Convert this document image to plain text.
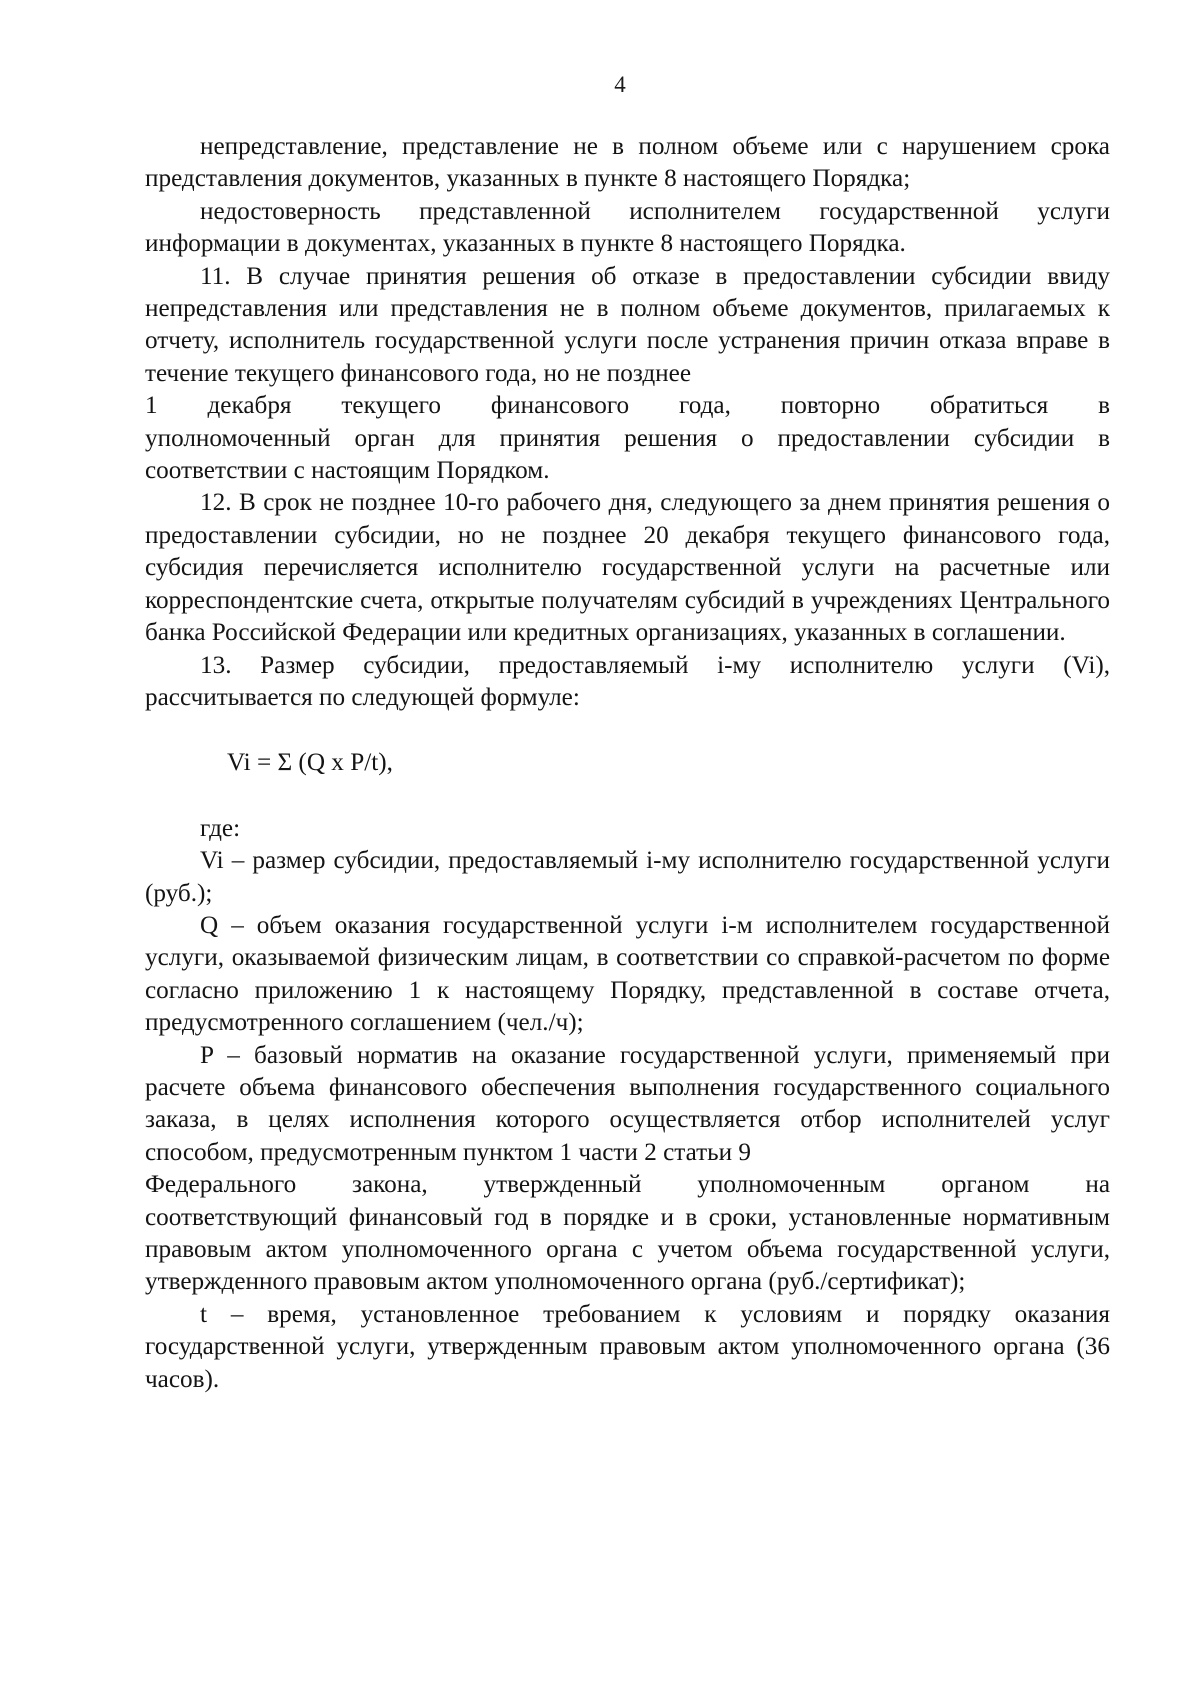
4

непредставление, представление не в полном объеме или с нарушением срока представления документов, указанных в пункте 8 настоящего Порядка;

недостоверность представленной исполнителем государственной услуги информации в документах, указанных в пункте 8 настоящего Порядка.

11. В случае принятия решения об отказе в предоставлении субсидии ввиду непредставления или представления не в полном объеме документов, прилагаемых к отчету, исполнитель государственной услуги после устранения причин отказа вправе в течение текущего финансового года, но не позднее

1 декабря текущего финансового года, повторно обратиться в

уполномоченный орган для принятия решения о предоставлении субсидии в соответствии с настоящим Порядком.

12. В срок не позднее 10-го рабочего дня, следующего за днем принятия решения о предоставлении субсидии, но не позднее 20 декабря текущего финансового года, субсидия перечисляется исполнителю государственной услуги на расчетные или корреспондентские счета, открытые получателям субсидий в учреждениях Центрального банка Российской Федерации или кредитных организациях, указанных в соглашении.

13. Размер субсидии, предоставляемый i-му исполнителю услуги (Vi), рассчитывается по следующей формуле:

Vi = Σ (Q x P/t),

где:

Vi – размер субсидии, предоставляемый i-му исполнителю государственной услуги (руб.);

Q – объем оказания государственной услуги i-м исполнителем государственной услуги, оказываемой физическим лицам, в соответствии со справкой-расчетом по форме согласно приложению 1 к настоящему Порядку, представленной в составе отчета, предусмотренного соглашением (чел./ч);

P – базовый норматив на оказание государственной услуги, применяемый при расчете объема финансового обеспечения выполнения государственного социального заказа, в целях исполнения которого осуществляется отбор исполнителей услуг способом, предусмотренным пунктом 1 части 2 статьи 9

Федерального закона, утвержденный уполномоченным органом на

соответствующий финансовый год в порядке и в сроки, установленные нормативным правовым актом уполномоченного органа с учетом объема государственной услуги, утвержденного правовым актом уполномоченного органа (руб./сертификат);

t – время, установленное требованием к условиям и порядку оказания государственной услуги, утвержденным правовым актом уполномоченного органа (36 часов).
